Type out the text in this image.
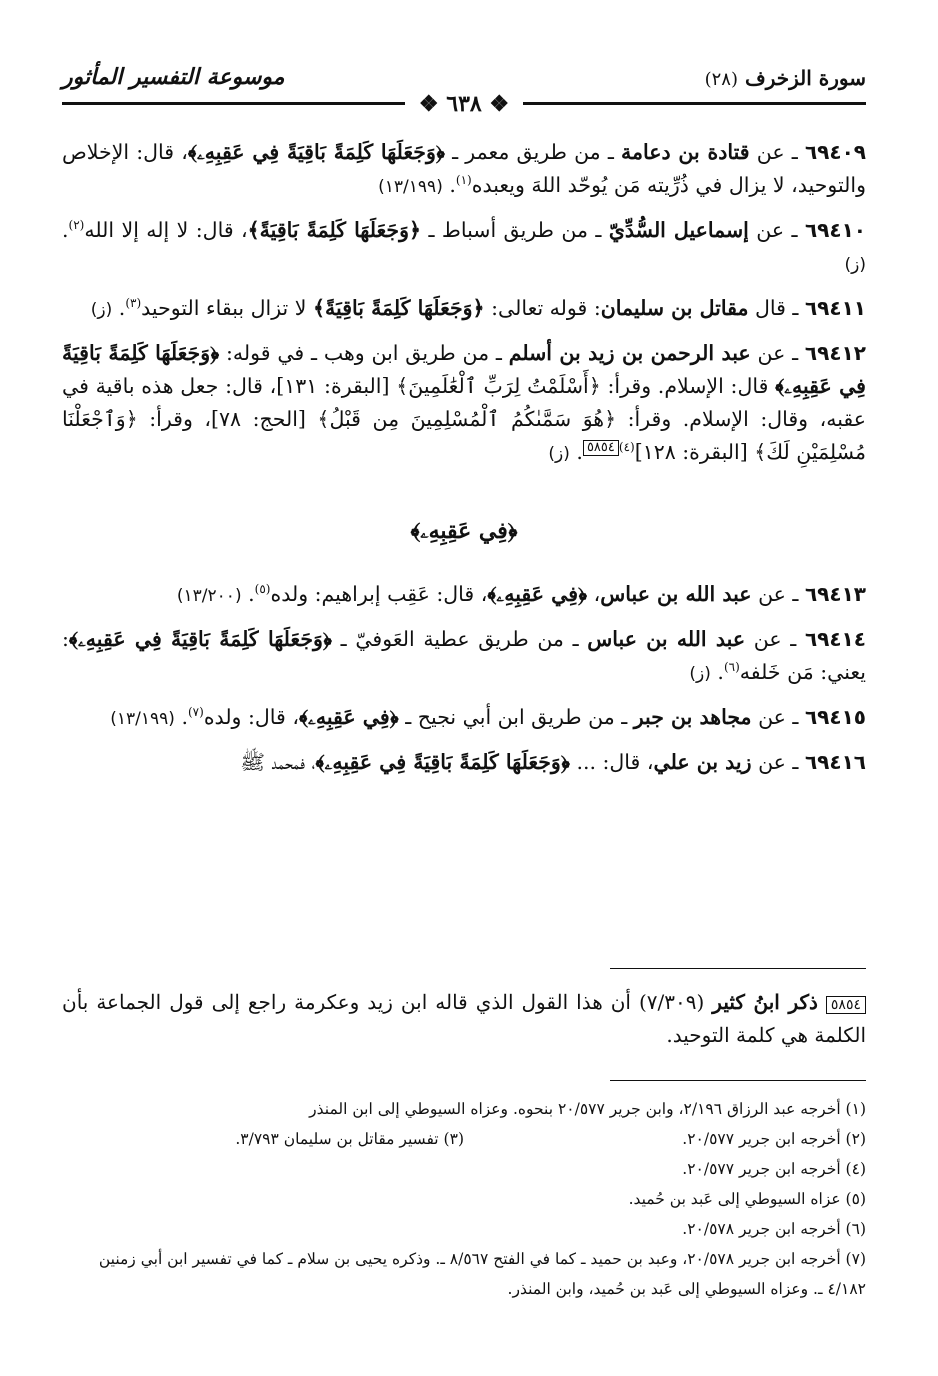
سورة الزخرف (٢٨)
موسوعة التفسير المأثور
❖ ٦٣٨ ❖

٦٩٤٠٩ ـ عن قتادة بن دعامة ـ من طريق معمر ـ ﴿وَجَعَلَهَا كَلِمَةً بَاقِيَةً فِي عَقِبِهِۦ﴾، قال: الإخلاص والتوحيد، لا يزال في ذُرِّيته مَن يُوحّد اللهَ ويعبده$^{(١)}$. (١٣/١٩٩)

٦٩٤١٠ ـ عن إسماعيل السُّدِّيّ ـ من طريق أسباط ـ ﴿وَجَعَلَهَا كَلِمَةً بَاقِيَةً﴾، قال: لا إله إلا الله$^{(٢)}$. (ز)

٦٩٤١١ ـ قال مقاتل بن سليمان: قوله تعالى: ﴿وَجَعَلَهَا كَلِمَةً بَاقِيَةً﴾ لا تزال ببقاء التوحيد$^{(٣)}$. (ز)

٦٩٤١٢ ـ عن عبد الرحمن بن زيد بن أسلم ـ من طريق ابن وهب ـ في قوله: ﴿وَجَعَلَهَا كَلِمَةً بَاقِيَةً فِي عَقِبِهِۦ﴾ قال: الإسلام. وقرأ: ﴿أَسْلَمْتُ لِرَبِّ ٱلْعَٰلَمِينَ﴾ [البقرة: ١٣١]، قال: جعل هذه باقية في عقبه، وقال: الإسلام. وقرأ: ﴿هُوَ سَمَّىٰكُمُ ٱلْمُسْلِمِينَ مِن قَبْلُ﴾ [الحج: ٧٨]، وقرأ: ﴿وَٱجْعَلْنَا مُسْلِمَيْنِ لَكَ﴾ [البقرة: ١٢٨]$^{(٤)}$٥٨٥٤. (ز)

﴿فِي عَقِبِهِۦ﴾

٦٩٤١٣ ـ عن عبد الله بن عباس، ﴿فِي عَقِبِهِۦ﴾، قال: عَقِب إبراهيم: ولده$^{(٥)}$. (١٣/٢٠٠)

٦٩٤١٤ ـ عن عبد الله بن عباس ـ من طريق عطية العَوفيّ ـ ﴿وَجَعَلَهَا كَلِمَةً بَاقِيَةً فِي عَقِبِهِۦ﴾: يعني: مَن خَلفه$^{(٦)}$. (ز)

٦٩٤١٥ ـ عن مجاهد بن جبر ـ من طريق ابن أبي نجيح ـ ﴿فِي عَقِبِهِۦ﴾، قال: ولده$^{(٧)}$. (١٣/١٩٩)

٦٩٤١٦ ـ عن زيد بن علي، قال: ... ﴿وَجَعَلَهَا كَلِمَةً بَاقِيَةً فِي عَقِبِهِۦ﴾، فمحمد ﷺ

٥٨٥٤ ذكر ابنُ كثير (٧/٣٠٩) أن هذا القول الذي قاله ابن زيد وعكرمة راجع إلى قول الجماعة بأن الكلمة هي كلمة التوحيد.
(١) أخرجه عبد الرزاق ٢/١٩٦، وابن جرير ٢٠/٥٧٧ بنحوه. وعزاه السيوطي إلى ابن المنذر
(٢) أخرجه ابن جرير ٢٠/٥٧٧.
(٣) تفسير مقاتل بن سليمان ٣/٧٩٣.
(٤) أخرجه ابن جرير ٢٠/٥٧٧.
(٥) عزاه السيوطي إلى عَبد بن حُميد.
(٦) أخرجه ابن جرير ٢٠/٥٧٨.
(٧) أخرجه ابن جرير ٢٠/٥٧٨، وعبد بن حميد ـ كما في الفتح ٨/٥٦٧ ـ. وذكره يحيى بن سلام ـ كما في تفسير ابن أبي زمنين ٤/١٨٢ ـ. وعزاه السيوطي إلى عَبد بن حُميد، وابن المنذر.
